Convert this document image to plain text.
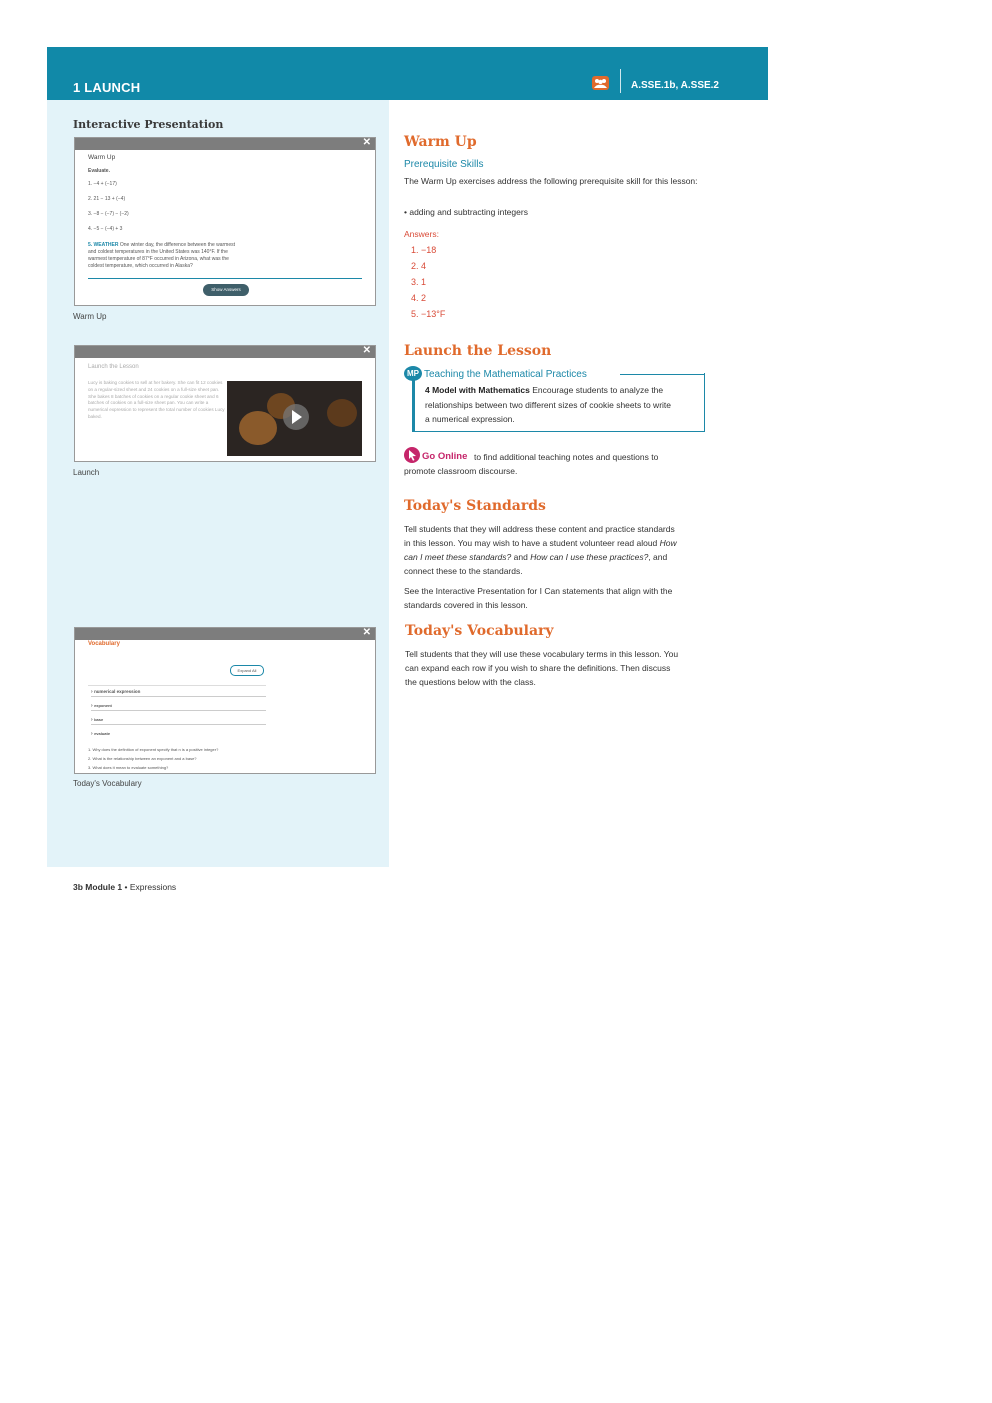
1 LAUNCH	A.SSE.1b, A.SSE.2
Interactive Presentation
✕
Warm Up
Evaluate.
1. −4 + (−17)
2. 21 − 13 + (−4)
3. −8 − (−7) − (−2)
4. −5 − (−4) + 3
5. WEATHER One winter day, the difference between the warmest and coldest temperatures in the United States was 140°F. If the warmest temperature of 87°F occurred in Arizona, what was the coldest temperature, which occurred in Alaska?
Show Answers
Warm Up
✕
Launch the Lesson
Lucy is baking cookies to sell at her bakery. She can fit 12 cookies on a regular-sized sheet and 24 cookies on a full-size sheet pan. She bakes 8 batches of cookies on a regular cookie sheet and 6 batches of cookies on a full-size sheet pan. You can write a numerical expression to represent the total number of cookies Lucy baked.
Launch
✕
Vocabulary
Expand All
› numerical expression
› exponent
› base
› evaluate
1. Why does the definition of exponent specify that n is a positive integer?
2. What is the relationship between an exponent and a base?
3. What does it mean to evaluate something?
Today's Vocabulary
Warm Up
Prerequisite Skills
The Warm Up exercises address the following prerequisite skill for this lesson:
• adding and subtracting integers
Answers:
1. −18
2. 4
3. 1
4. 2
5. −13°F
Launch the Lesson
MP Teaching the Mathematical Practices
4 Model with Mathematics Encourage students to analyze the
relationships between two different sizes of cookie sheets to write
a numerical expression.
Go Online to find additional teaching notes and questions to
promote classroom discourse.
Today's Standards
Tell students that they will address these content and practice standards
in this lesson. You may wish to have a student volunteer read aloud How
can I meet these standards? and How can I use these practices?, and
connect these to the standards.
See the Interactive Presentation for I Can statements that align with the
standards covered in this lesson.
Today's Vocabulary
Tell students that they will use these vocabulary terms in this lesson. You
can expand each row if you wish to share the definitions. Then discuss
the questions below with the class.
3b Module 1 • Expressions
